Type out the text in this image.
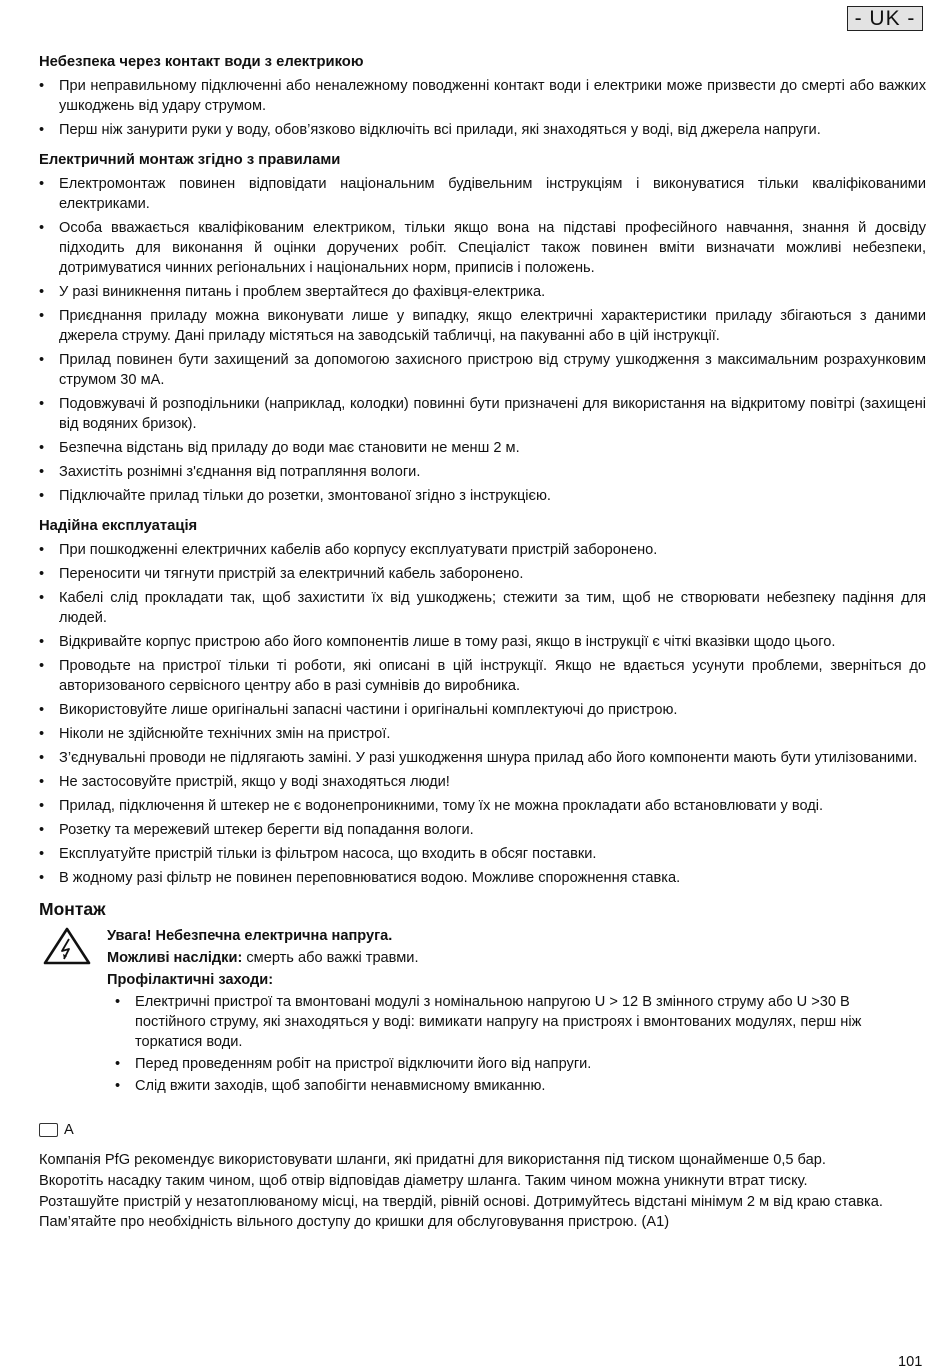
- UK -
Небезпека через контакт води з електрикою
• При неправильному підключенні або неналежному поводженні контакт води і електрики може призвести до смерті або важких ушкоджень від удару струмом.
• Перш ніж занурити руки у воду, обов’язково відключіть всі прилади, які знаходяться у воді, від джерела напруги.
Електричний монтаж згідно з правилами
• Електромонтаж повинен відповідати національним будівельним інструкціям і виконуватися тільки кваліфікованими електриками.
• Особа вважається кваліфікованим електриком, тільки якщо вона на підставі професійного навчання, знання й досвіду підходить для виконання й оцінки доручених робіт. Спеціаліст також повинен вміти визначати можливі небезпеки, дотримуватися чинних регіональних і національних норм, приписів і положень.
• У разі виникнення питань і проблем звертайтеся до фахівця-електрика.
• Приєднання приладу можна виконувати лише у випадку, якщо електричні характеристики приладу збігаються з даними джерела струму. Дані приладу містяться на заводській табличці, на пакуванні або в цій інструкції.
• Прилад повинен бути захищений за допомогою захисного пристрою від струму ушкодження з максимальним розрахунковим струмом 30 мА.
• Подовжувачі й розподільники (наприклад, колодки) повинні бути призначені для використання на відкритому повітрі (захищені від водяних бризок).
• Безпечна відстань від приладу до води має становити не менш 2 м.
• Захистіть рознімні з'єднання від потрапляння вологи.
• Підключайте прилад тільки до розетки, змонтованої згідно з інструкцією.
Надійна експлуатація
• При пошкодженні електричних кабелів або корпусу експлуатувати пристрій заборонено.
• Переносити чи тягнути пристрій за електричний кабель заборонено.
• Кабелі слід прокладати так, щоб захистити їх від ушкоджень; стежити за тим, щоб не створювати небезпеку падіння для людей.
• Відкривайте корпус пристрою або його компонентів лише в тому разі, якщо в інструкції є чіткі вказівки щодо цього.
• Проводьте на пристрої тільки ті роботи, які описані в цій інструкції. Якщо не вдається усунути проблеми, зверніться до авторизованого сервісного центру або в разі сумнівів до виробника.
• Використовуйте лише оригінальні запасні частини і оригінальні комплектуючі до пристрою.
• Ніколи не здійснюйте технічних змін на пристрої.
• З’єднувальні проводи не підлягають заміні. У разі ушкодження шнура прилад або його компоненти мають бути утилізованими.
• Не застосовуйте пристрій, якщо у воді знаходяться люди!
• Прилад, підключення й штекер не є водонепроникними, тому їх не можна прокладати або встановлювати у воді.
• Розетку та мережевий штекер берегти від попадання вологи.
• Експлуатуйте пристрій тільки із фільтром насоса, що входить в обсяг поставки.
• В жодному разі фільтр не повинен переповнюватися водою. Можливе спорожнення ставка.
Монтаж
Увага! Небезпечна електрична напруга.
Можливі наслідки: смерть або важкі травми.
Профілактичні заходи:
• Електричні пристрої та вмонтовані модулі з номінальною напругою U > 12 В змінного струму або U >30 В постійного струму, які знаходяться у воді: вимикати напругу на пристроях і вмонтованих модулях, перш ніж торкатися води.
• Перед проведенням робіт на пристрої відключити його від напруги.
• Слід вжити заходів, щоб запобігти ненавмисному вмиканню.
A

Компанія PfG рекомендує використовувати шланги, які придатні для використання під тиском щонайменше 0,5 бар.

Вкоротіть насадку таким чином, щоб отвір відповідав діаметру шланга. Таким чином можна уникнути втрат тиску.

Розташуйте пристрій у незатоплюваному місці, на твердій, рівній основі. Дотримуйтесь відстані мінімум 2 м від краю ставка. Пам’ятайте про необхідність вільного доступу до кришки для обслуговування пристрою. (A1)

101
